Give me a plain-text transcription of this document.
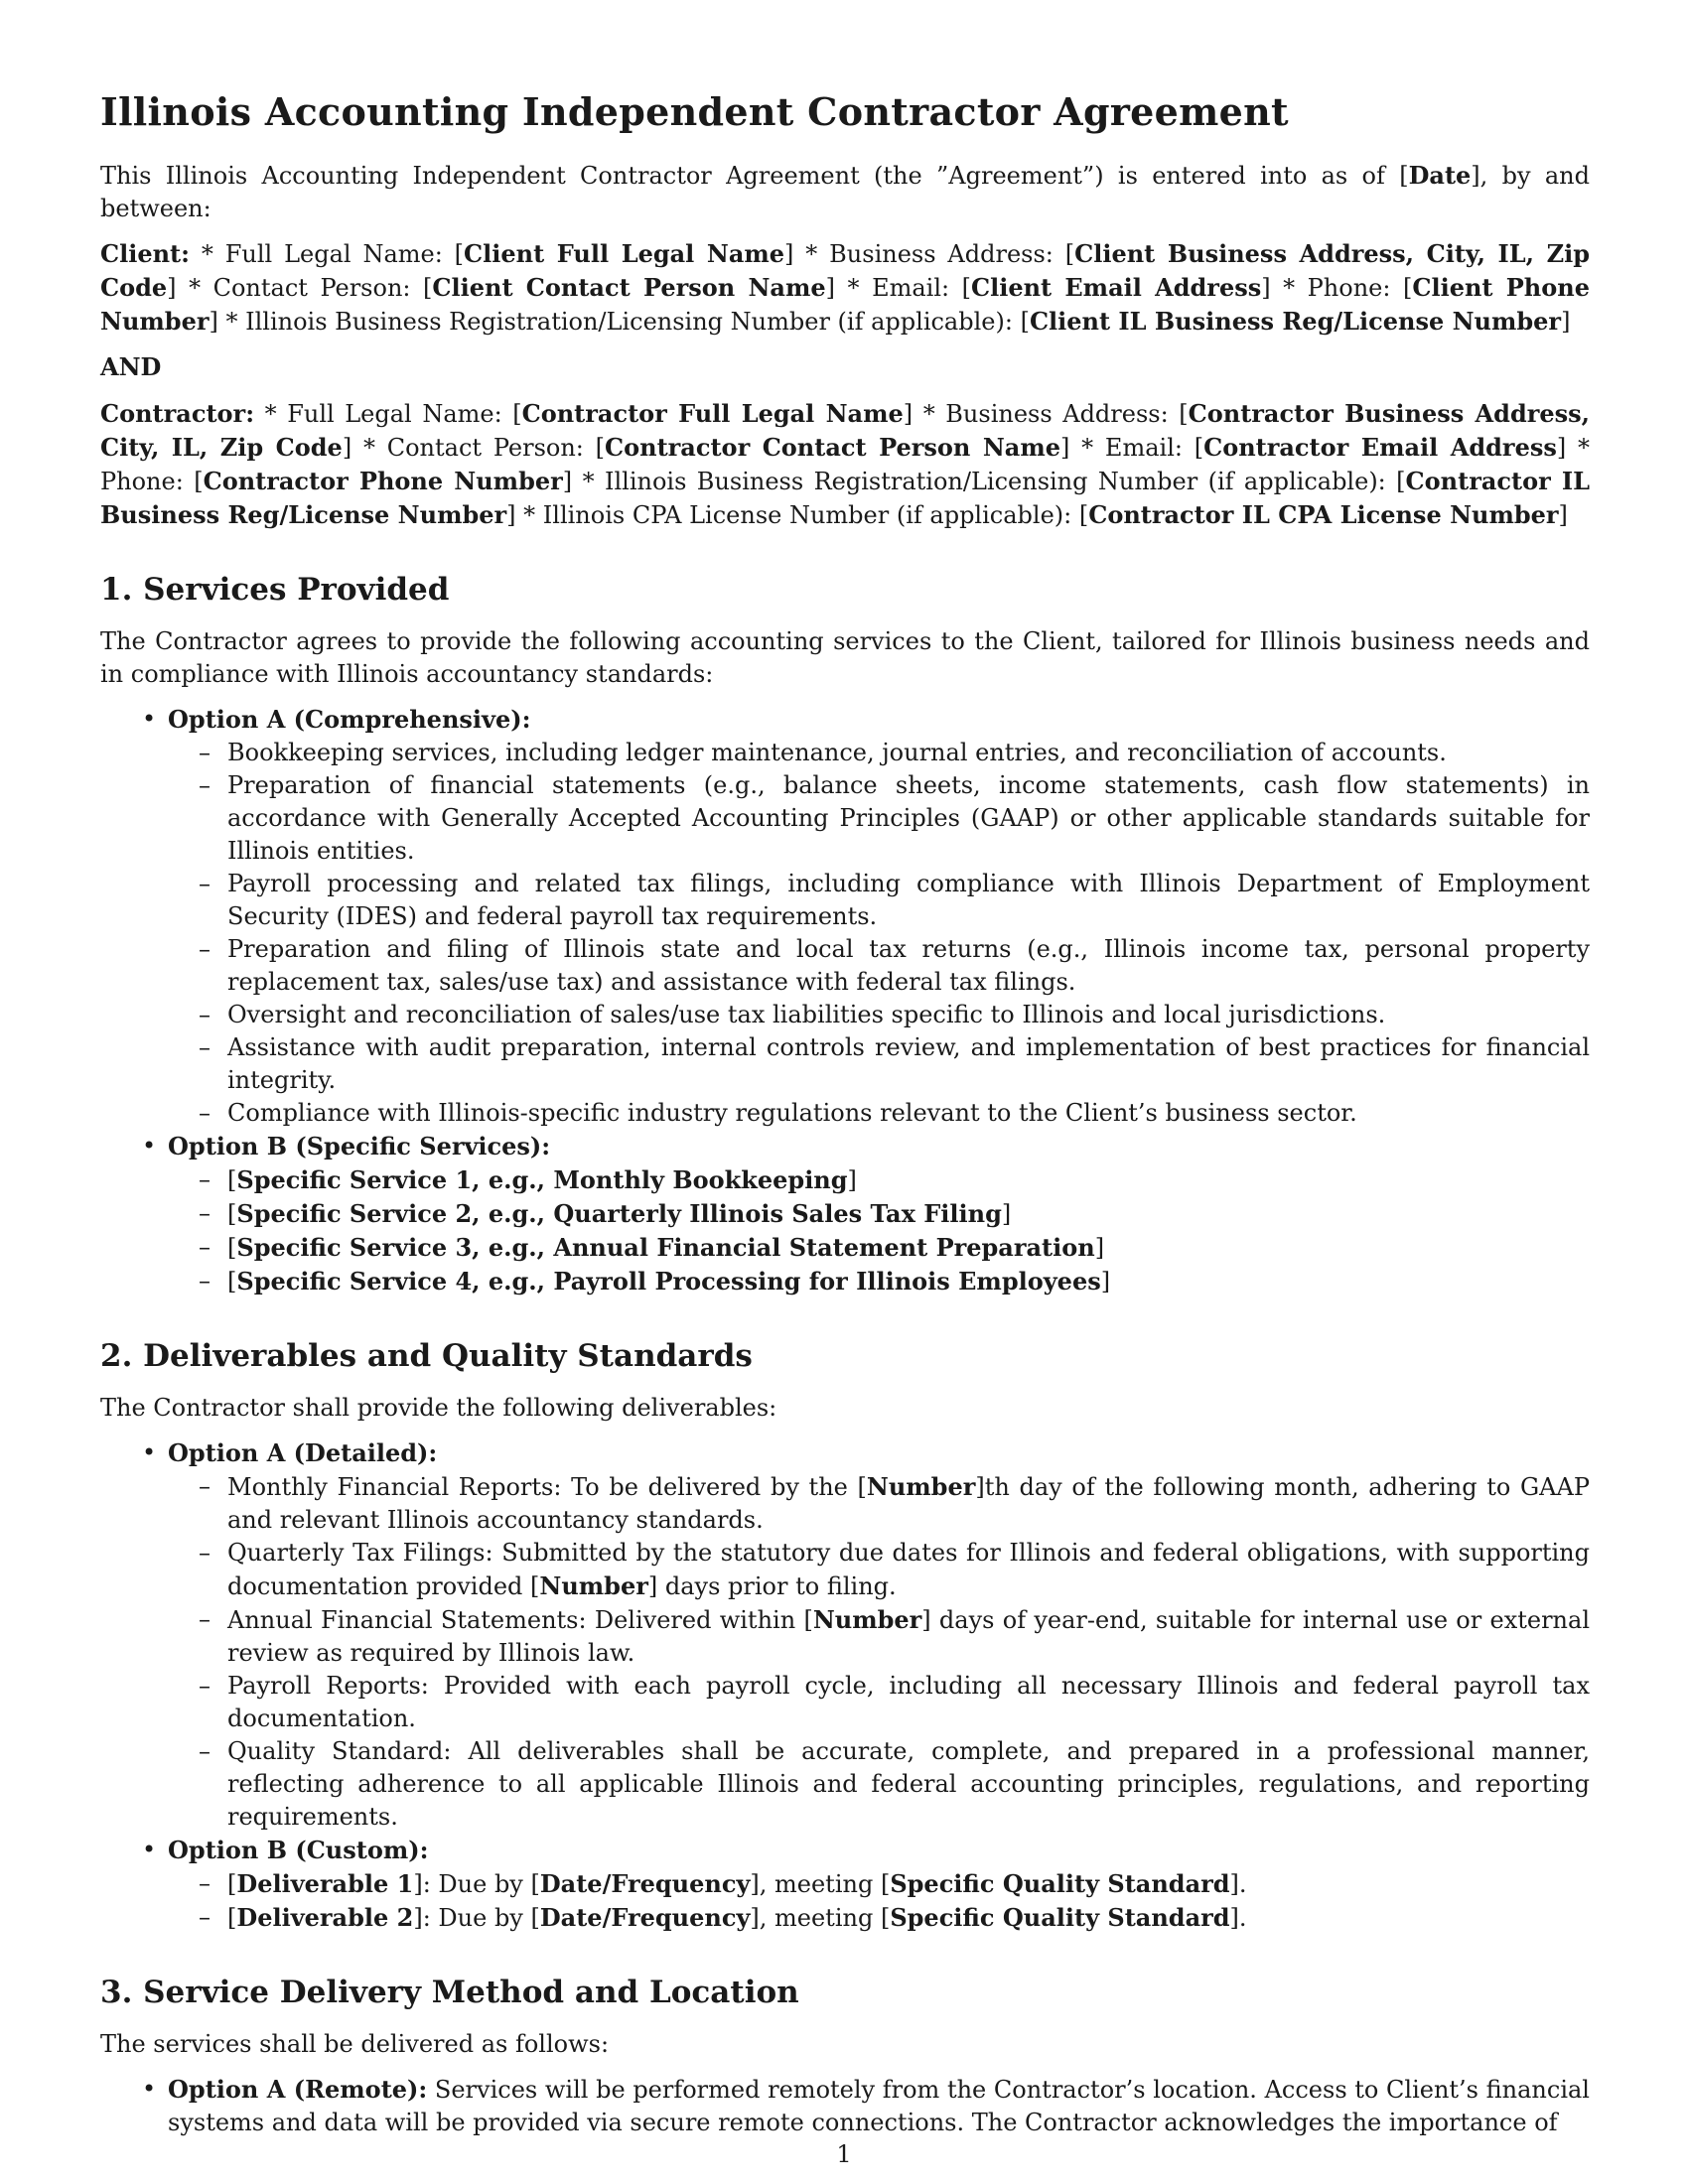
Illinois Accounting Independent Contractor Agreement

This Illinois Accounting Independent Contractor Agreement (the ”Agreement”) is entered into as of [Date], by and between:

Client: * Full Legal Name: [Client Full Legal Name] * Business Address: [Client Business Address, City, IL, Zip Code] * Contact Person: [Client Contact Person Name] * Email: [Client Email Address] * Phone: [Client Phone Number] * Illinois Business Registration/Licensing Number (if applicable): [Client IL Business Reg/License Number]

AND

Contractor: * Full Legal Name: [Contractor Full Legal Name] * Business Address: [Contractor Business Address, City, IL, Zip Code] * Contact Person: [Contractor Contact Person Name] * Email: [Contractor Email Address] * Phone: [Contractor Phone Number] * Illinois Business Registration/Licensing Number (if applicable): [Contractor IL Business Reg/License Number] * Illinois CPA License Number (if applicable): [Contractor IL CPA License Number]

1. Services Provided

The Contractor agrees to provide the following accounting services to the Client, tailored for Illinois business needs and in compliance with Illinois accountancy standards:

• Option A (Comprehensive):
– Bookkeeping services, including ledger maintenance, journal entries, and reconciliation of accounts.
– Preparation of financial statements (e.g., balance sheets, income statements, cash flow statements) in accordance with Generally Accepted Accounting Principles (GAAP) or other applicable standards suitable for Illinois entities.
– Payroll processing and related tax filings, including compliance with Illinois Department of Employment Security (IDES) and federal payroll tax requirements.
– Preparation and filing of Illinois state and local tax returns (e.g., Illinois income tax, personal property replacement tax, sales/use tax) and assistance with federal tax filings.
– Oversight and reconciliation of sales/use tax liabilities specific to Illinois and local jurisdictions.
– Assistance with audit preparation, internal controls review, and implementation of best practices for financial integrity.
– Compliance with Illinois-specific industry regulations relevant to the Client’s business sector.
• Option B (Specific Services):
– [Specific Service 1, e.g., Monthly Bookkeeping]
– [Specific Service 2, e.g., Quarterly Illinois Sales Tax Filing]
– [Specific Service 3, e.g., Annual Financial Statement Preparation]
– [Specific Service 4, e.g., Payroll Processing for Illinois Employees]
2. Deliverables and Quality Standards

The Contractor shall provide the following deliverables:

• Option A (Detailed):
– Monthly Financial Reports: To be delivered by the [Number]th day of the following month, adhering to GAAP and relevant Illinois accountancy standards.
– Quarterly Tax Filings: Submitted by the statutory due dates for Illinois and federal obligations, with supporting documentation provided [Number] days prior to filing.
– Annual Financial Statements: Delivered within [Number] days of year-end, suitable for internal use or external review as required by Illinois law.
– Payroll Reports: Provided with each payroll cycle, including all necessary Illinois and federal payroll tax documentation.
– Quality Standard: All deliverables shall be accurate, complete, and prepared in a professional manner, reflecting adherence to all applicable Illinois and federal accounting principles, regulations, and reporting requirements.
• Option B (Custom):
– [Deliverable 1]: Due by [Date/Frequency], meeting [Specific Quality Standard].
– [Deliverable 2]: Due by [Date/Frequency], meeting [Specific Quality Standard].
3. Service Delivery Method and Location

The services shall be delivered as follows:

• Option A (Remote): Services will be performed remotely from the Contractor’s location. Access to Client’s financial systems and data will be provided via secure remote connections. The Contractor acknowledges the importance of
1
